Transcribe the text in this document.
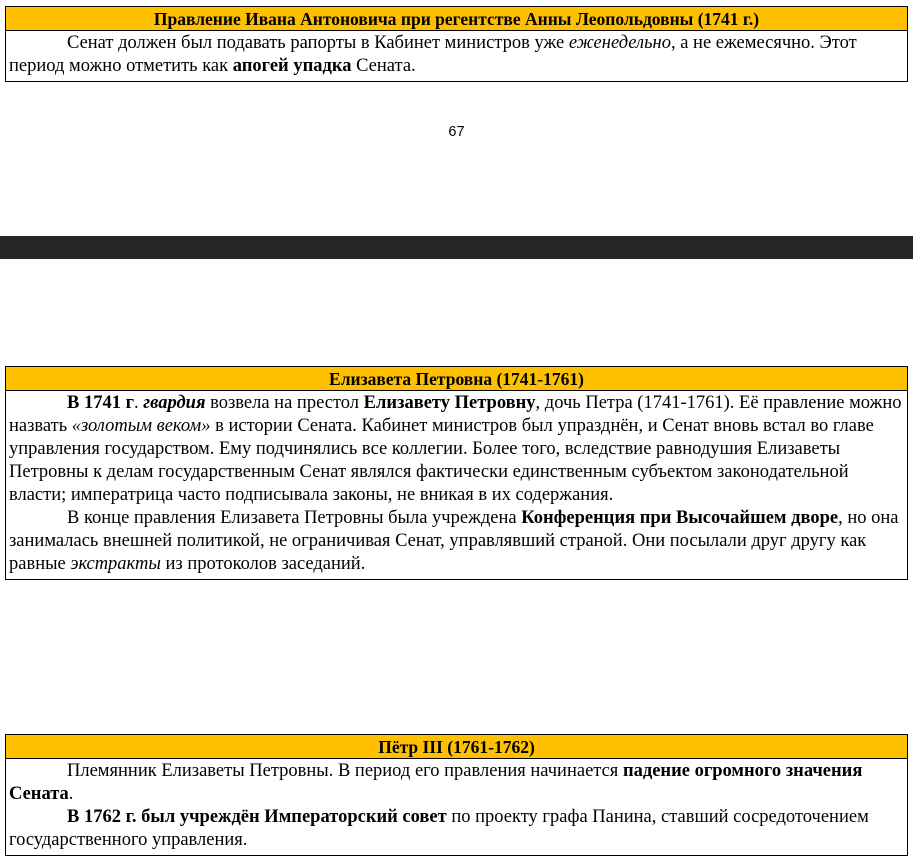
Правление Ивана Антоновича при регентстве Анны Леопольдовны (1741 г.)

Сенат должен был подавать рапорты в Кабинет министров уже еженедельно, а не ежемесячно. Этот период можно отметить как апогей упадка Сената.

67
Елизавета Петровна (1741-1761)

В 1741 г. гвардия возвела на престол Елизавету Петровну, дочь Петра (1741-1761). Её правление можно назвать «золотым веком» в истории Сената. Кабинет министров был упразднён, и Сенат вновь встал во главе управления государством. Ему подчинялись все коллегии. Более того, вследствие равнодушия Елизаветы Петровны к делам государственным Сенат являлся фактически единственным субъектом законодательной власти; императрица часто подписывала законы, не вникая в их содержания.

В конце правления Елизавета Петровны была учреждена Конференция при Высочайшем дворе, но она занималась внешней политикой, не ограничивая Сенат, управлявший страной. Они посылали друг другу как равные экстракты из протоколов заседаний.

Пётр III (1761-1762)

Племянник Елизаветы Петровны. В период его правления начинается падение огромного значения Сената.

В 1762 г. был учреждён Императорский совет по проекту графа Панина, ставший сосредоточением государственного управления.
